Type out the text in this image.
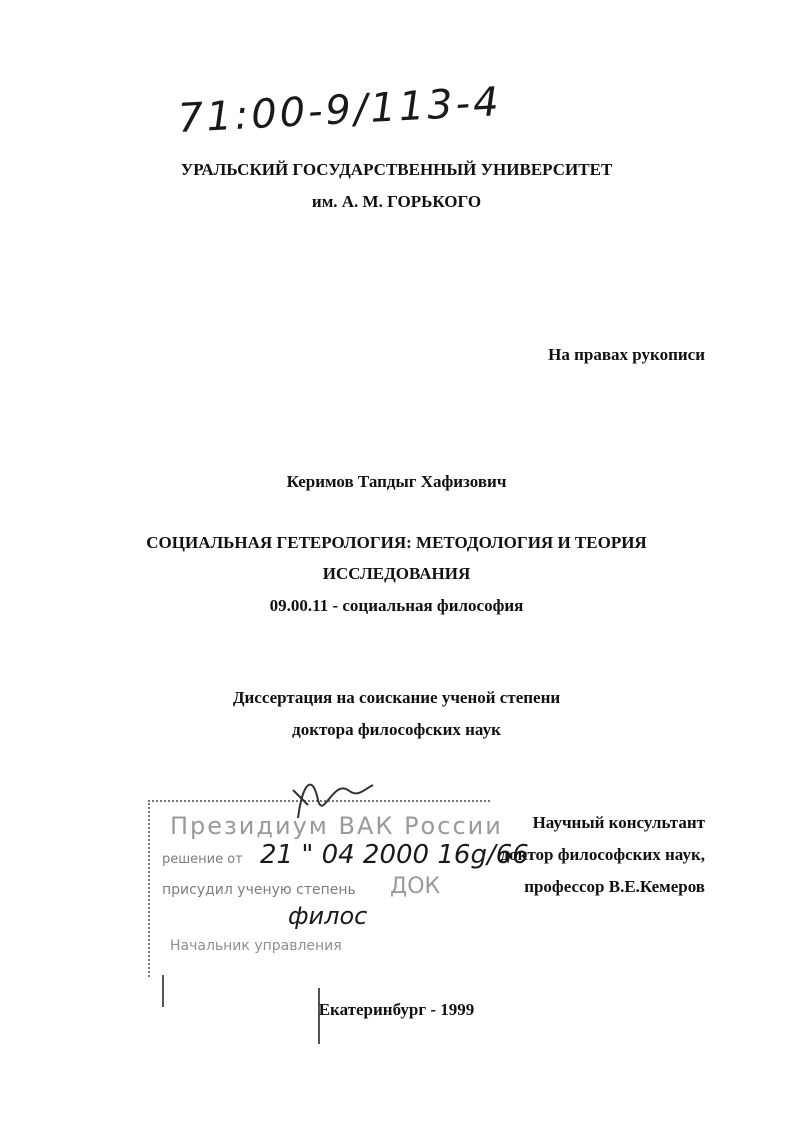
71:00-9/113-4
УРАЛЬСКИЙ ГОСУДАРСТВЕННЫЙ УНИВЕРСИТЕТ
им. А. М. ГОРЬКОГО
На правах рукописи
Керимов Тапдыг Хафизович
СОЦИАЛЬНАЯ ГЕТЕРОЛОГИЯ: МЕТОДОЛОГИЯ И ТЕОРИЯ
ИССЛЕДОВАНИЯ
09.00.11 - социальная философия
Диссертация на соискание ученой степени
доктора философских наук
Президиум ВАК России
решение от 21 " 04 2000 16g/66
присудил ученую степень ДОК
филос
Начальник управления
Научный консультант
доктор философских наук,
профессор В.Е.Кемеров
Екатеринбург - 1999
